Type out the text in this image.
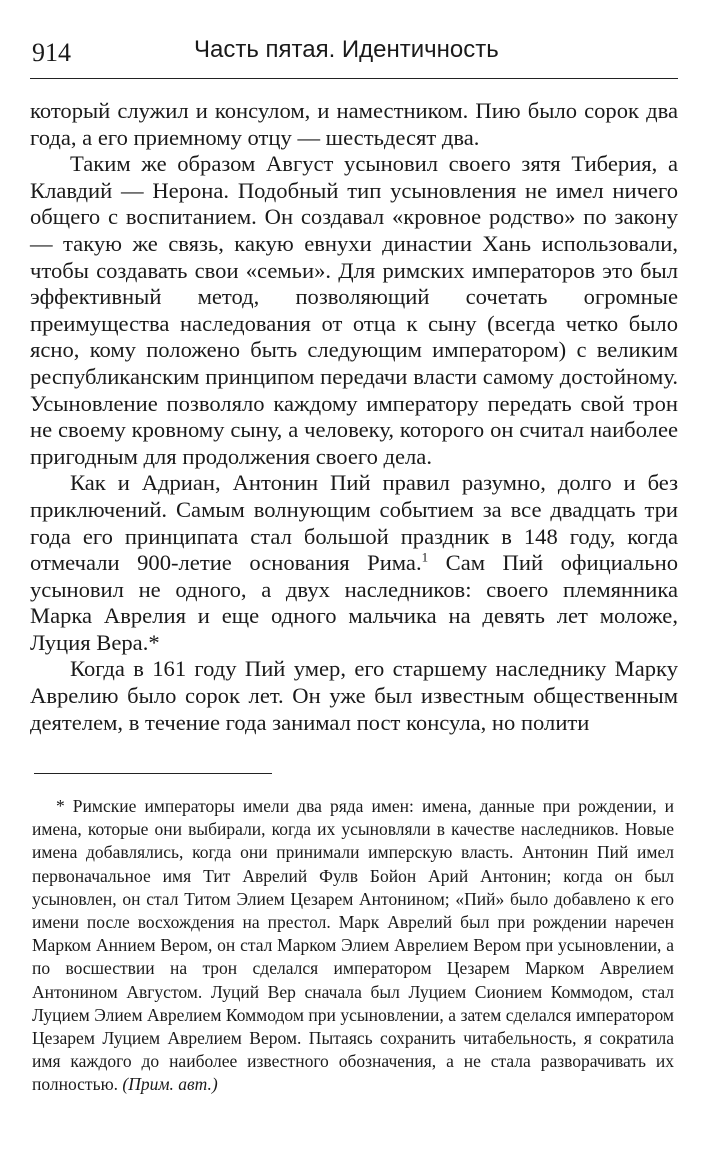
914	Часть пятая. Идентичность

который служил и консулом, и наместником. Пию было сорок два года, а его приемному отцу — шестьдесят два.

Таким же образом Август усыновил своего зятя Тиберия, а Клавдий — Нерона. Подобный тип усыновления не имел ничего общего с воспитанием. Он создавал «кровное родство» по закону — такую же связь, какую евнухи династии Хань использовали, чтобы создавать свои «семьи». Для римских императоров это был эффективный метод, позволяющий сочетать огромные преимущества наследования от отца к сыну (всегда четко было ясно, кому положено быть следующим императором) с великим республиканским принципом передачи власти самому достойному. Усыновление позволяло каждому императору передать свой трон не своему кровному сыну, а человеку, которого он считал наиболее пригодным для продолжения своего дела.

Как и Адриан, Антонин Пий правил разумно, долго и без приключений. Самым волнующим событием за все двадцать три года его принципата стал большой праздник в 148 году, когда отмечали 900-летие основания Рима.$^1$ Сам Пий официально усыновил не одного, а двух наследников: своего племянника Марка Аврелия и еще одного мальчика на девять лет моложе, Луция Вера.*

Когда в 161 году Пий умер, его старшему наследнику Марку Аврелию было сорок лет. Он уже был известным общественным деятелем, в течение года занимал пост консула, но полити

* Римские императоры имели два ряда имен: имена, данные при рождении, и имена, которые они выбирали, когда их усыновляли в качестве наследников. Новые имена добавлялись, когда они принимали имперскую власть. Антонин Пий имел первоначальное имя Тит Аврелий Фулв Бойон Арий Антонин; когда он был усыновлен, он стал Титом Элием Цезарем Антонином; «Пий» было добавлено к его имени после восхождения на престол. Марк Аврелий был при рождении наречен Марком Аннием Вером, он стал Марком Элием Аврелием Вером при усыновлении, а по восшествии на трон сделался императором Цезарем Марком Аврелием Антонином Августом. Луций Вер сначала был Луцием Сионием Коммодом, стал Луцием Элием Аврелием Коммодом при усыновлении, а затем сделался императором Цезарем Луцием Аврелием Вером. Пытаясь сохранить читабельность, я сократила имя каждого до наиболее известного обозначения, а не стала разворачивать их полностью. (Прим. авт.)
